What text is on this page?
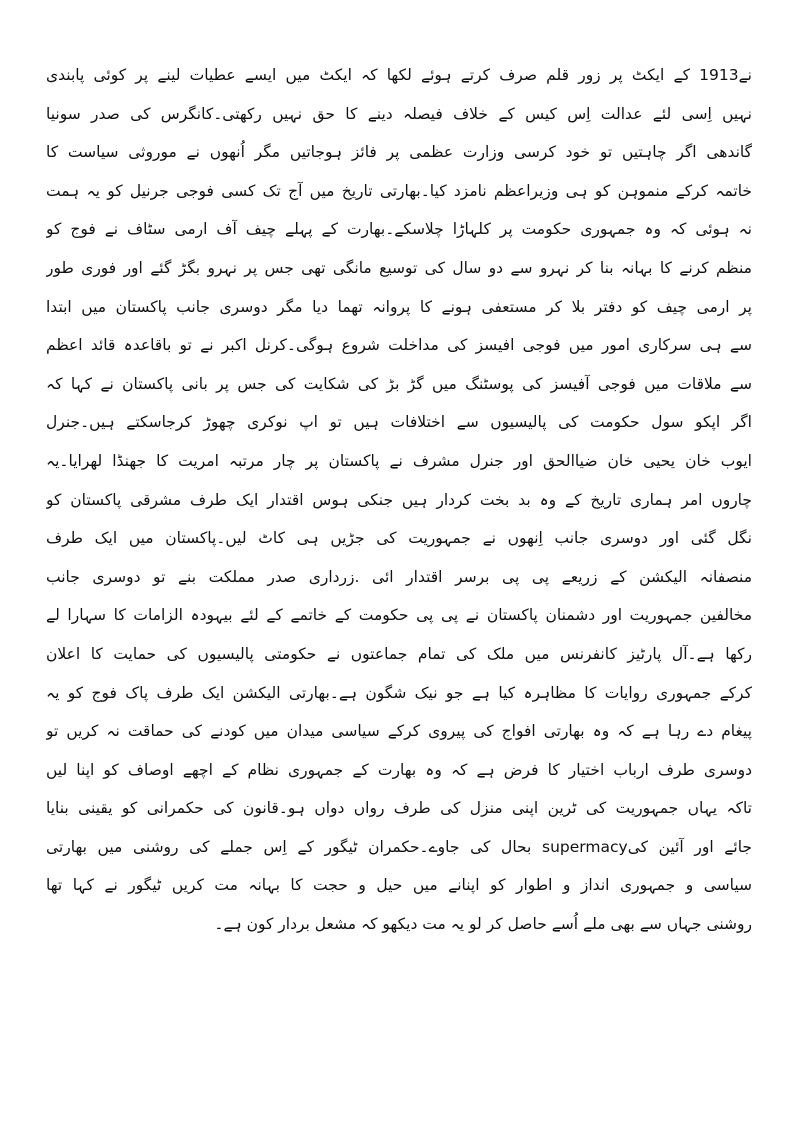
نے1913 کے ایکٹ پر زور قلم صرف کرتے ہوئے لکھا کہ ایکٹ میں ایسے عطیات لینے پر کوئی پابندی
نہیں اِسی لئے عدالت اِس کیس کے خلاف فیصلہ دینے کا حق نہیں رکھتی۔کانگرس کی صدر سونیا
گاندھی اگر چاہتیں تو خود کرسی وزارت عظمی پر فائز ہوجاتیں مگر اُنھوں نے موروثی سیاست کا
خاتمہ کرکے منموہن کو ہی وزیراعظم نامزد کیا۔بھارتی تاریخ میں آج تک کسی فوجی جرنیل کو یہ ہمت
نہ ہوئی کہ وہ جمہوری حکومت پر کلہاڑا چلاسکے۔بھارت کے پہلے چیف آف ارمی سٹاف نے فوج کو
منظم کرنے کا بہانہ بنا کر نہرو سے دو سال کی توسیع مانگی تھی جس پر نہرو بگڑ گئے اور فوری طور
پر ارمی چیف کو دفتر بلا کر مستعفی ہونے کا پروانہ تھما دیا مگر دوسری جانب پاکستان میں ابتدا
سے ہی سرکاری امور میں فوجی افیسز کی مداخلت شروع ہوگی۔کرنل اکبر نے تو باقاعدہ قائد اعظم
سے ملاقات میں فوجی آفیسز کی پوسٹنگ میں گڑ بڑ کی شکایت کی جس پر بانی پاکستان نے کہا کہ
اگر اپکو سول حکومت کی پالیسیوں سے اختلافات ہیں تو اپ نوکری چھوڑ کرجاسکتے ہیں۔جنرل
ایوب خان یحیی خان ضیاالحق اور جنرل مشرف نے پاکستان پر چار مرتبہ امریت کا جھنڈا لھرایا۔یہ
چاروں امر ہماری تاریخ کے وہ بد بخت کردار ہیں جنکی ہوس اقتدار ایک طرف مشرقی پاکستان کو
نگل گئی اور دوسری جانب اِنھوں نے جمہوریت کی جڑیں ہی کاٹ لیں۔پاکستان میں ایک طرف
منصفانہ الیکشن کے زریعے پی پی برسر اقتدار ائی .زرداری صدر مملکت بنے تو دوسری جانب
مخالفین جمہوریت اور دشمنان پاکستان نے پی پی حکومت کے خاتمے کے لئے بیہودہ الزامات کا سہارا لے
رکھا ہے۔آل پارٹیز کانفرنس میں ملک کی تمام جماعتوں نے حکومتی پالیسیوں کی حمایت کا اعلان
کرکے جمہوری روایات کا مظاہرہ کیا ہے جو نیک شگون ہے۔بھارتی الیکشن ایک طرف پاک فوج کو یہ
پیغام دے رہا ہے کہ وہ بھارتی افواج کی پیروی کرکے سیاسی میدان میں کودنے کی حماقت نہ کریں تو
دوسری طرف ارباب اختیار کا فرض ہے کہ وہ بھارت کے جمہوری نظام کے اچھے اوصاف کو اپنا لیں
تاکہ یہاں جمہوریت کی ٹرین اپنی منزل کی طرف رواں دواں ہو۔قانون کی حکمرانی کو یقینی بنایا
جائے اور آئین کیsupermacy بحال کی جاوے۔حکمران ٹیگور کے اِس جملے کی روشنی میں بھارتی
سیاسی و جمہوری انداز و اطوار کو اپنانے میں حیل و حجت کا بہانہ مت کریں ٹیگور نے کہا تھا
روشنی جہاں سے بھی ملے اُسے حاصل کر لو یہ مت دیکھو کہ مشعل بردار کون ہے۔
